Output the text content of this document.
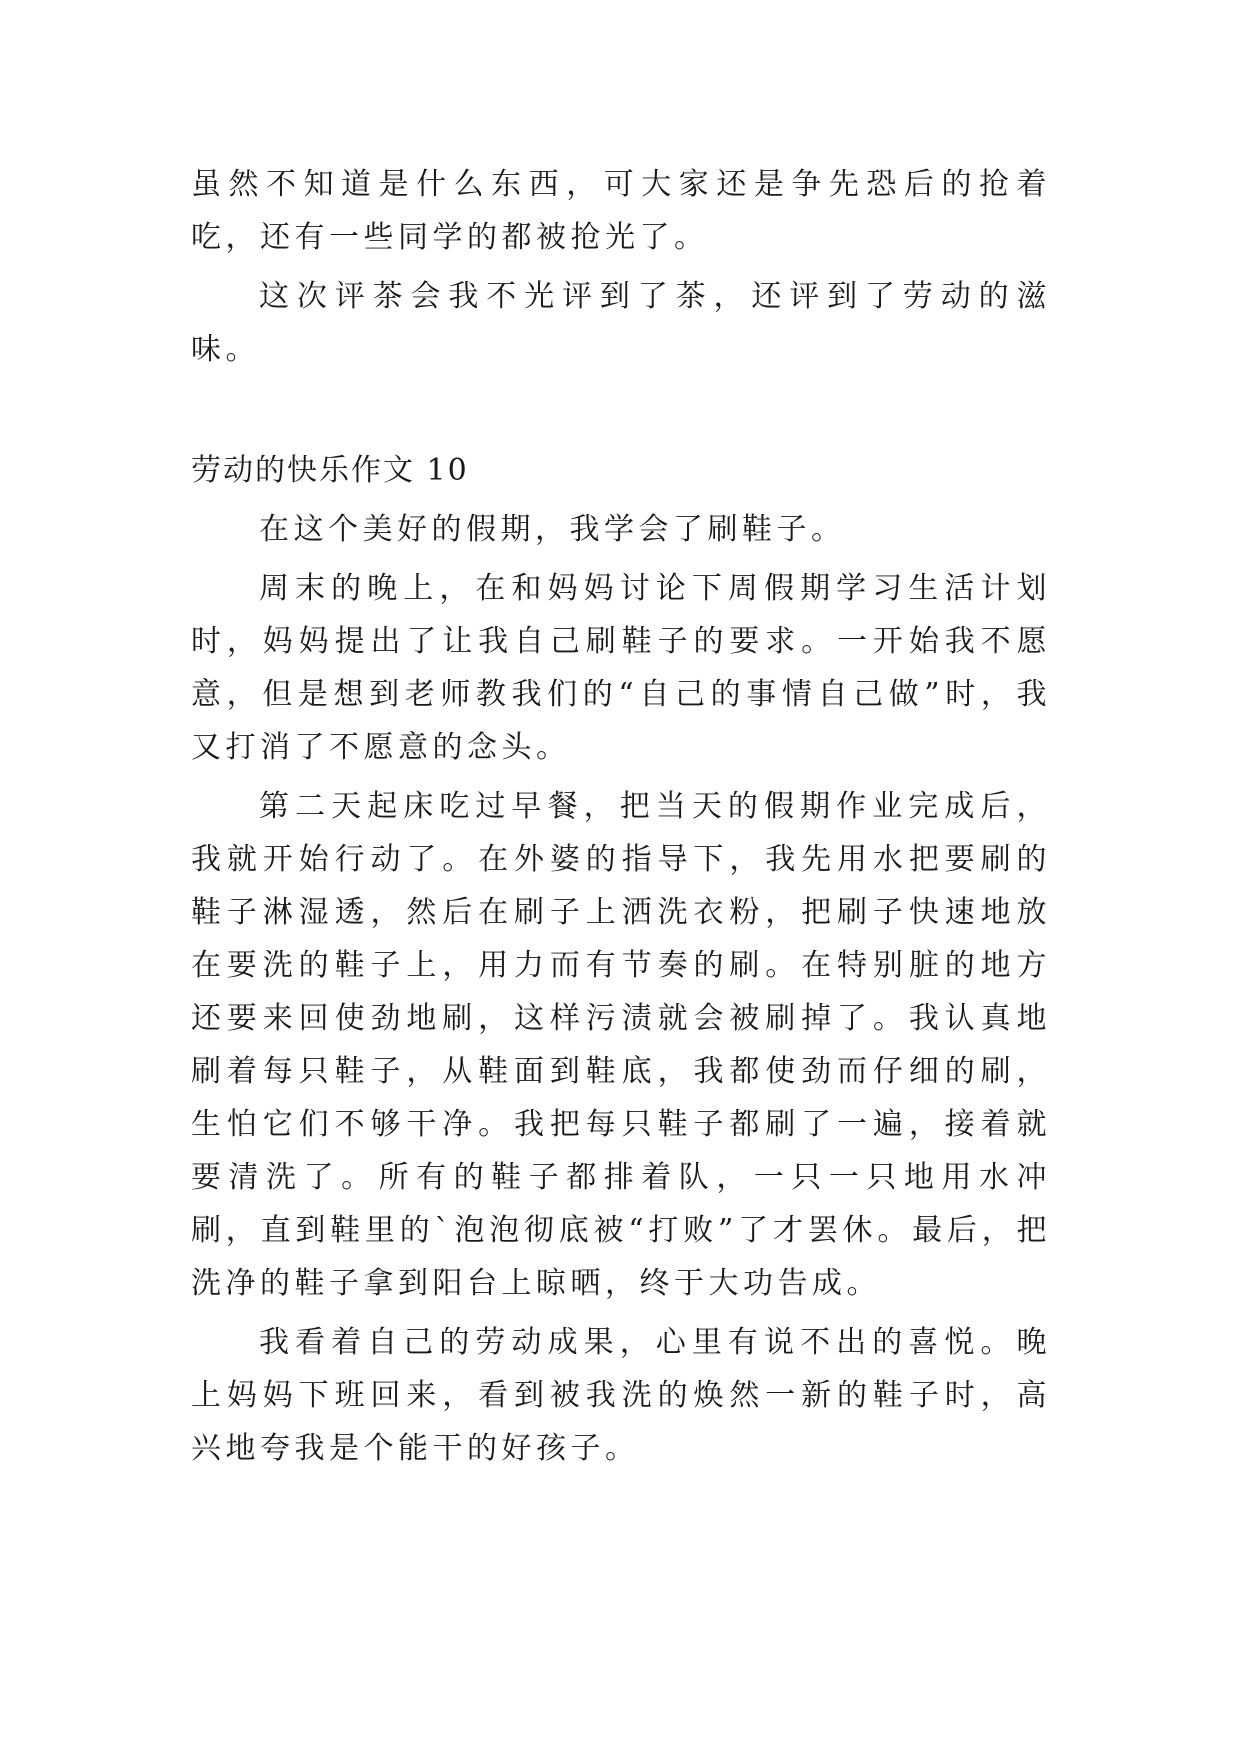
虽然不知道是什么东西，可大家还是争先恐后的抢着吃，还有一些同学的都被抢光了。

这次评茶会我不光评到了茶，还评到了劳动的滋味。

劳动的快乐作文 10

在这个美好的假期，我学会了刷鞋子。

周末的晚上，在和妈妈讨论下周假期学习生活计划时，妈妈提出了让我自己刷鞋子的要求。一开始我不愿意，但是想到老师教我们的“自己的事情自己做”时，我又打消了不愿意的念头。

第二天起床吃过早餐，把当天的假期作业完成后，我就开始行动了。在外婆的指导下，我先用水把要刷的鞋子淋湿透，然后在刷子上洒洗衣粉，把刷子快速地放在要洗的鞋子上，用力而有节奏的刷。在特别脏的地方还要来回使劲地刷，这样污渍就会被刷掉了。我认真地刷着每只鞋子，从鞋面到鞋底，我都使劲而仔细的刷，生怕它们不够干净。我把每只鞋子都刷了一遍，接着就要清洗了。所有的鞋子都排着队，一只一只地用水冲刷，直到鞋里的`泡泡彻底被“打败”了才罢休。最后，把洗净的鞋子拿到阳台上晾晒，终于大功告成。

我看着自己的劳动成果，心里有说不出的喜悦。晚上妈妈下班回来，看到被我洗的焕然一新的鞋子时，高兴地夸我是个能干的好孩子。
